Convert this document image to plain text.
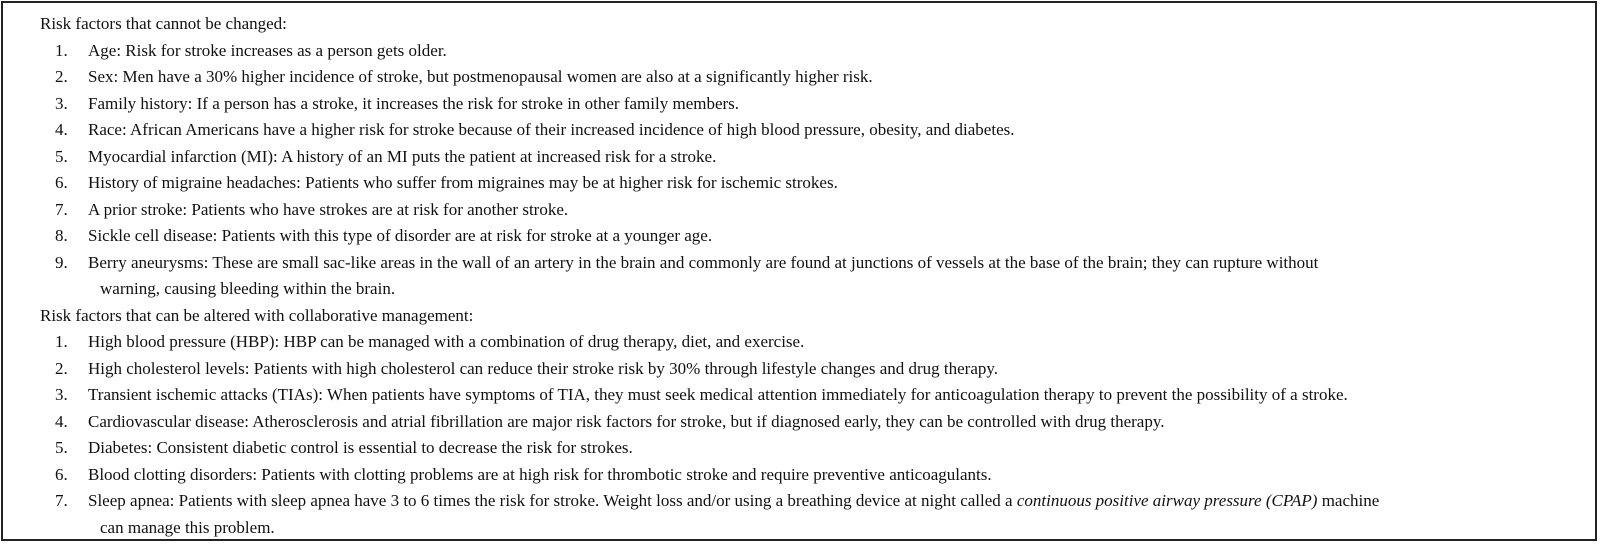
Risk factors that cannot be changed:
1. Age: Risk for stroke increases as a person gets older.
2. Sex: Men have a 30% higher incidence of stroke, but postmenopausal women are also at a significantly higher risk.
3. Family history: If a person has a stroke, it increases the risk for stroke in other family members.
4. Race: African Americans have a higher risk for stroke because of their increased incidence of high blood pressure, obesity, and diabetes.
5. Myocardial infarction (MI): A history of an MI puts the patient at increased risk for a stroke.
6. History of migraine headaches: Patients who suffer from migraines may be at higher risk for ischemic strokes.
7. A prior stroke: Patients who have strokes are at risk for another stroke.
8. Sickle cell disease: Patients with this type of disorder are at risk for stroke at a younger age.
9. Berry aneurysms: These are small sac-like areas in the wall of an artery in the brain and commonly are found at junctions of vessels at the base of the brain; they can rupture without
warning, causing bleeding within the brain.
Risk factors that can be altered with collaborative management:
1. High blood pressure (HBP): HBP can be managed with a combination of drug therapy, diet, and exercise.
2. High cholesterol levels: Patients with high cholesterol can reduce their stroke risk by 30% through lifestyle changes and drug therapy.
3. Transient ischemic attacks (TIAs): When patients have symptoms of TIA, they must seek medical attention immediately for anticoagulation therapy to prevent the possibility of a stroke.
4. Cardiovascular disease: Atherosclerosis and atrial fibrillation are major risk factors for stroke, but if diagnosed early, they can be controlled with drug therapy.
5. Diabetes: Consistent diabetic control is essential to decrease the risk for strokes.
6. Blood clotting disorders: Patients with clotting problems are at high risk for thrombotic stroke and require preventive anticoagulants.
7. Sleep apnea: Patients with sleep apnea have 3 to 6 times the risk for stroke. Weight loss and/or using a breathing device at night called a continuous positive airway pressure (CPAP) machine
can manage this problem.
